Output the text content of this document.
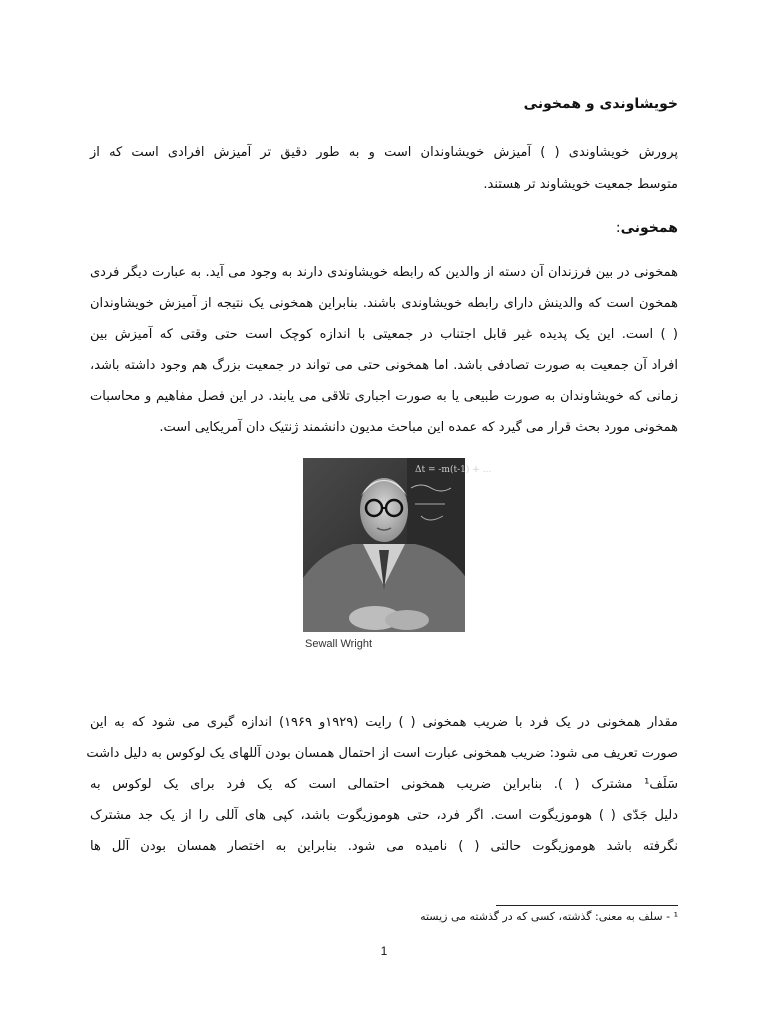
خویشاوندی و همخونی
پرورش خویشاوندی ( ) آمیزش خویشاوندان است و به طور دقیق تر آمیزش افرادی است که از
متوسط جمعیت خویشاوند تر هستند.
همخونی:
همخونی در بین فرزندان آن دسته از والدین که رابطه خویشاوندی دارند به وجود می آید. به عبارت دیگر فردی
همخون است که والدینش دارای رابطه خویشاوندی باشند. بنابراین همخونی یک نتیجه از آمیزش خویشاوندان
( ) است. این یک پدیده غیر قابل اجتناب در جمعیتی با اندازه کوچک است حتی وقتی که آمیزش بین
افراد آن جمعیت به صورت تصادفی باشد. اما همخونی حتی می تواند در جمعیت بزرگ هم وجود داشته باشد،
زمانی که خویشاوندان به صورت طبیعی یا به صورت اجباری تلاقی می یابند. در این فصل مفاهیم و محاسبات
همخونی مورد بحث قرار می گیرد که عمده این مباحث مدیون دانشمند ژنتیک دان آمریکایی است.
Δt = -m(t-1) + ...
Sewall Wright
مقدار همخونی در یک فرد با ضریب همخونی ( ) رایت (۱۹۲۹و ۱۹۶۹) اندازه گیری می شود که به این
صورت تعریف می شود: ضریب همخونی عبارت است از احتمال همسان بودن آللهای یک لوکوس به دلیل داشت
سَلَف¹ مشترک ( ). بنابراین ضریب همخونی احتمالی است که یک فرد برای یک لوکوس به
دلیل جَدّی ( ) هوموزیگوت است. اگر فرد، حتی هوموزیگوت باشد، کپی های آللی را از یک جد مشترک
نگرفته باشد هوموزیگوت حالتی ( ) نامیده می شود. بنابراین به اختصار همسان بودن آلل ها
¹ - سلف به معنی: گذشته، کسی که در گذشته می زیسته
1
